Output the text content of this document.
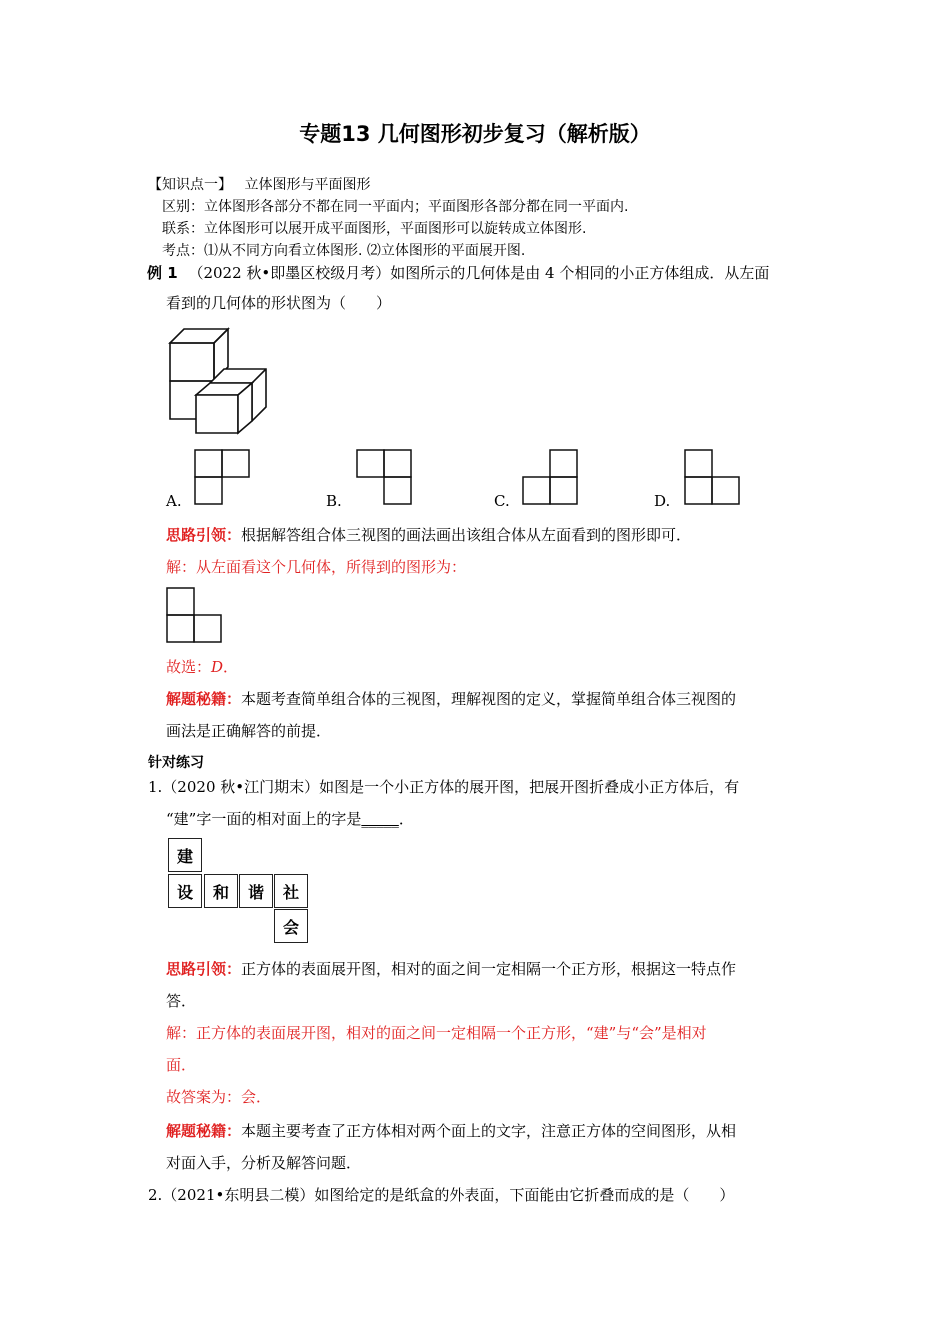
专题13 几何图形初步复习（解析版）
【知识点一】 立体图形与平面图形
区别：立体图形各部分不都在同一平面内；平面图形各部分都在同一平面内.
联系：立体图形可以展开成平面图形，平面图形可以旋转成立体图形.
考点：⑴从不同方向看立体图形. ⑵立体图形的平面展开图.
例 1 （2022 秋•即墨区校级月考）如图所示的几何体是由 4 个相同的小正方体组成．从左面
看到的几何体的形状图为（　　）
A.	B.	C.	D.
思路引领：根据解答组合体三视图的画法画出该组合体从左面看到的图形即可．
解：从左面看这个几何体，所得到的图形为：
故选：D．
解题秘籍：本题考查简单组合体的三视图，理解视图的定义，掌握简单组合体三视图的
画法是正确解答的前提．
针对练习
1.（2020 秋•江门期末）如图是一个小正方体的展开图，把展开图折叠成小正方体后，有
“建”字一面的相对面上的字是_____．
建
设	和	谐	社
会
思路引领：正方体的表面展开图，相对的面之间一定相隔一个正方形，根据这一特点作
答．
解：正方体的表面展开图，相对的面之间一定相隔一个正方形，“建”与“会”是相对
面．
故答案为：会．
解题秘籍：本题主要考查了正方体相对两个面上的文字，注意正方体的空间图形，从相
对面入手，分析及解答问题．
2.（2021•东明县二模）如图给定的是纸盒的外表面，下面能由它折叠而成的是（　　）
